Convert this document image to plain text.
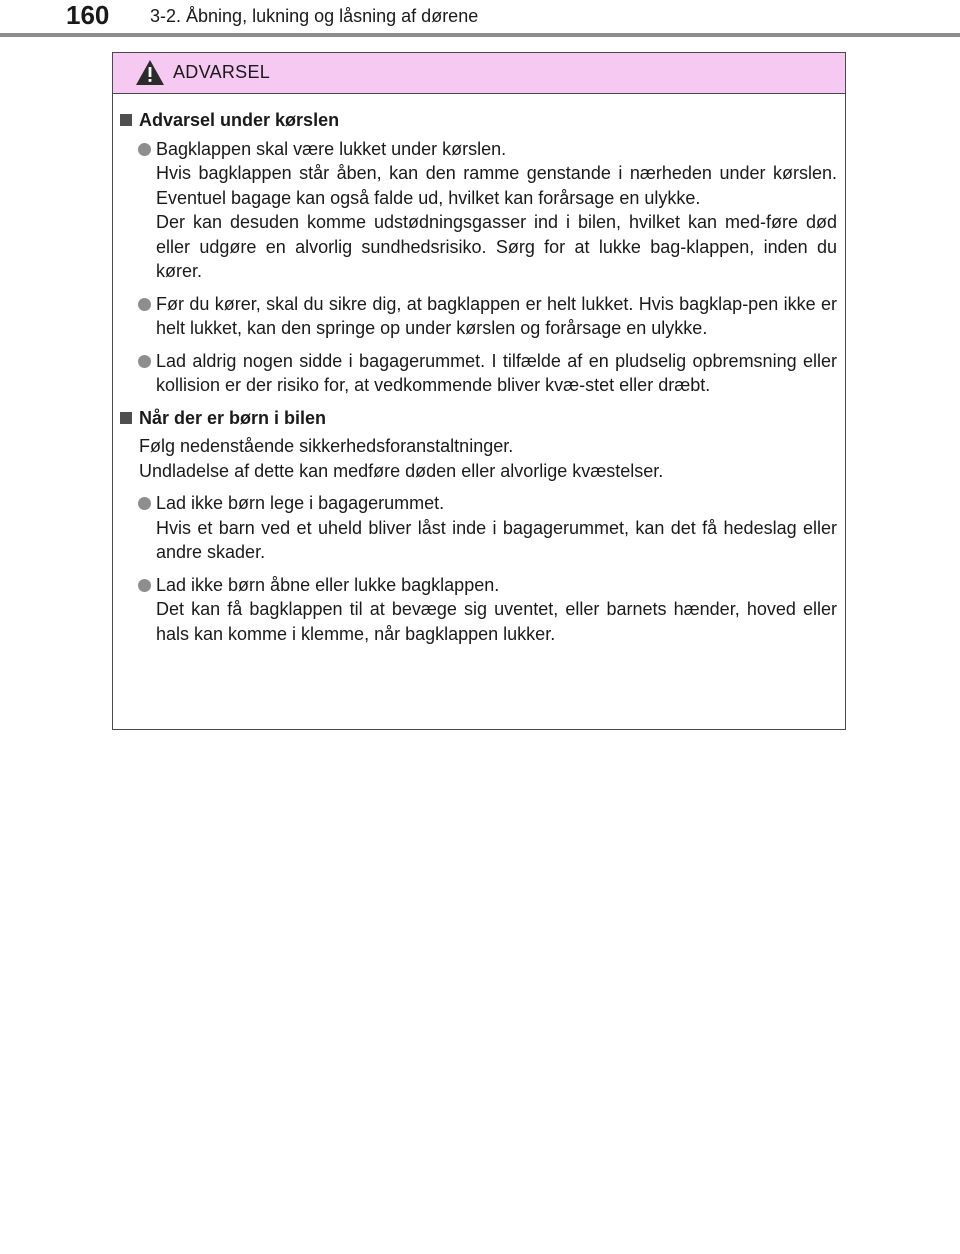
160 3-2. Åbning, lukning og låsning af dørene
ADVARSEL
Advarsel under kørslen
Bagklappen skal være lukket under kørslen.
Hvis bagklappen står åben, kan den ramme genstande i nærheden under kørslen. Eventuel bagage kan også falde ud, hvilket kan forårsage en ulykke.
Der kan desuden komme udstødningsgasser ind i bilen, hvilket kan med-føre død eller udgøre en alvorlig sundhedsrisiko. Sørg for at lukke bag-klappen, inden du kører.
Før du kører, skal du sikre dig, at bagklappen er helt lukket. Hvis bagklap-pen ikke er helt lukket, kan den springe op under kørslen og forårsage en ulykke.
Lad aldrig nogen sidde i bagagerummet. I tilfælde af en pludselig opbremsning eller kollision er der risiko for, at vedkommende bliver kvæ-stet eller dræbt.
Når der er børn i bilen
Følg nedenstående sikkerhedsforanstaltninger.
Undladelse af dette kan medføre døden eller alvorlige kvæstelser.
Lad ikke børn lege i bagagerummet.
Hvis et barn ved et uheld bliver låst inde i bagagerummet, kan det få hedeslag eller andre skader.
Lad ikke børn åbne eller lukke bagklappen.
Det kan få bagklappen til at bevæge sig uventet, eller barnets hænder, hoved eller hals kan komme i klemme, når bagklappen lukker.
